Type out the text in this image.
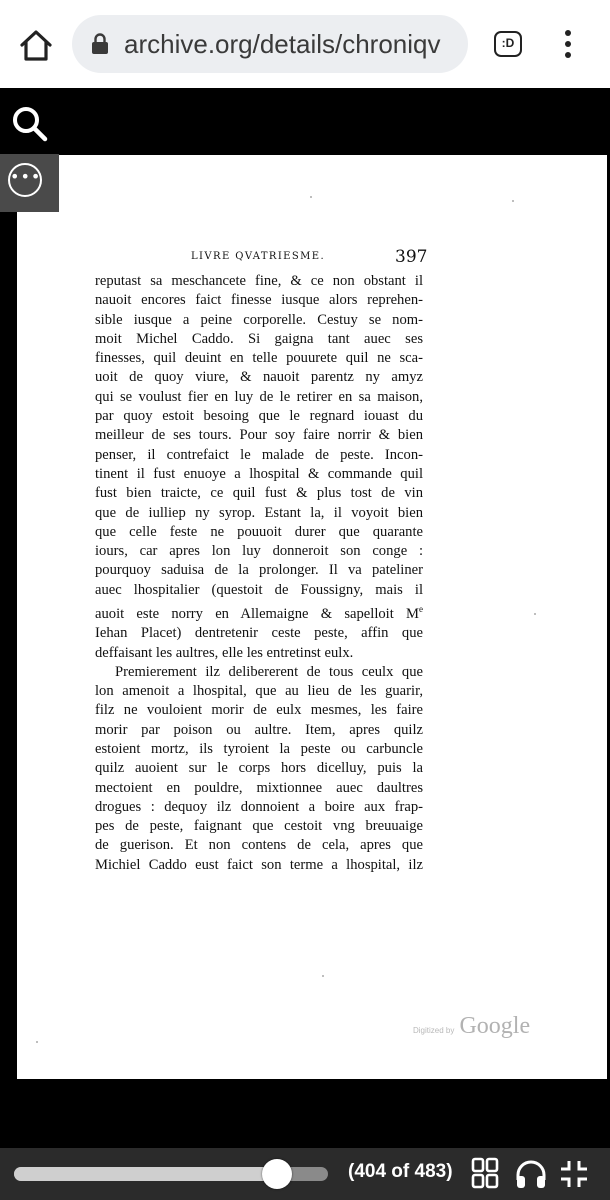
archive.org/details/chroniqv	:D
LIVRE QVATRIESME.	397

reputast sa meschancete fine, & ce non obstant il

nauoit encores faict finesse iusque alors reprehen-

sible iusque a peine corporelle. Cestuy se nom-

moit Michel Caddo. Si gaigna tant auec ses

finesses, quil deuint en telle pouurete quil ne sca-

uoit de quoy viure, & nauoit parentz ny amyz

qui se voulust fier en luy de le retirer en sa maison,

par quoy estoit besoing que le regnard iouast du

meilleur de ses tours. Pour soy faire norrir & bien

penser, il contrefaict le malade de peste. Incon-

tinent il fust enuoye a lhospital & commande quil

fust bien traicte, ce quil fust & plus tost de vin

que de iulliep ny syrop. Estant la, il voyoit bien

que celle feste ne pouuoit durer que quarante

iours, car apres lon luy donneroit son conge :

pourquoy saduisa de la prolonger. Il va pateliner

auec lhospitalier (questoit de Foussigny, mais il

auoit este norry en Allemaigne & sapelloit Me

Iehan Placet) dentretenir ceste peste, affin que

deffaisant les aultres, elle les entretinst eulx.

Premierement ilz delibererent de tous ceulx que

lon amenoit a lhospital, que au lieu de les guarir,

filz ne vouloient morir de eulx mesmes, les faire

morir par poison ou aultre. Item, apres quilz

estoient mortz, ils tyroient la peste ou carbuncle

quilz auoient sur le corps hors dicelluy, puis la

mectoient en pouldre, mixtionnee auec daultres

drogues : dequoy ilz donnoient a boire aux frap-

pes de peste, faignant que cestoit vng breuuaige

de guerison. Et non contens de cela, apres que

Michiel Caddo eust faict son terme a lhospital, ilz

Digitized by Google
•••
(404 of 483)
